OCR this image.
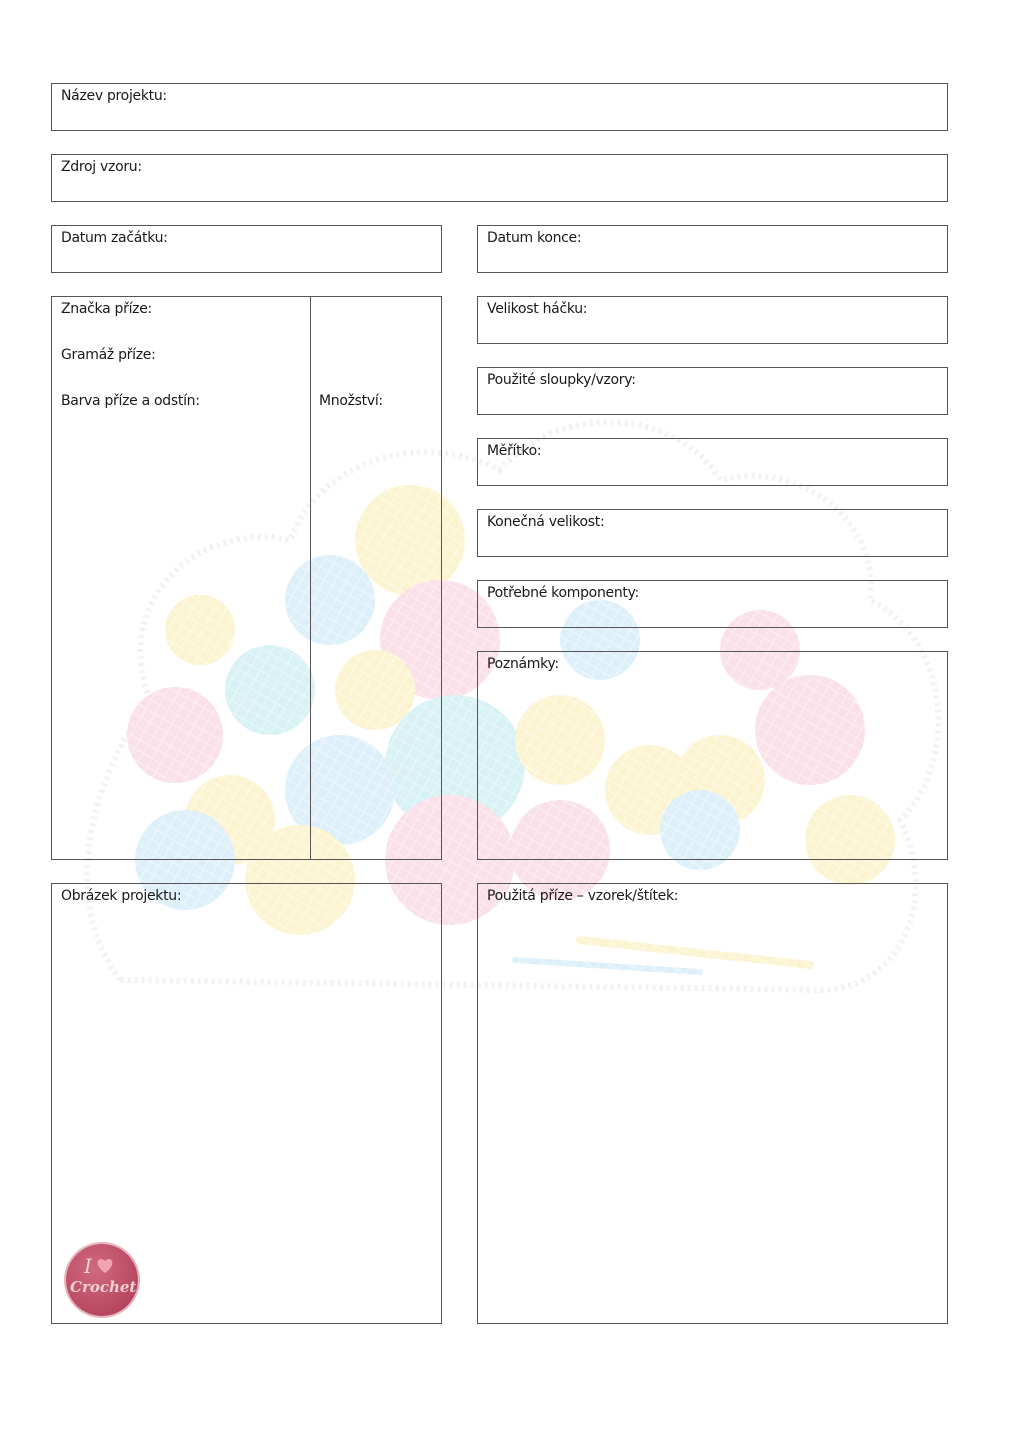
Název projektu:
Zdroj vzoru:
Datum začátku:	Datum konce:
Značka příze:
Gramáž příze:
Barva příze a odstín:	Množství:
Velikost háčku:
Použité sloupky/vzory:
Měřítko:
Konečná velikost:
Potřebné komponenty:
Poznámky:
Obrázek projektu:	Použitá příze – vzorek/štítek:
I
Crochet
